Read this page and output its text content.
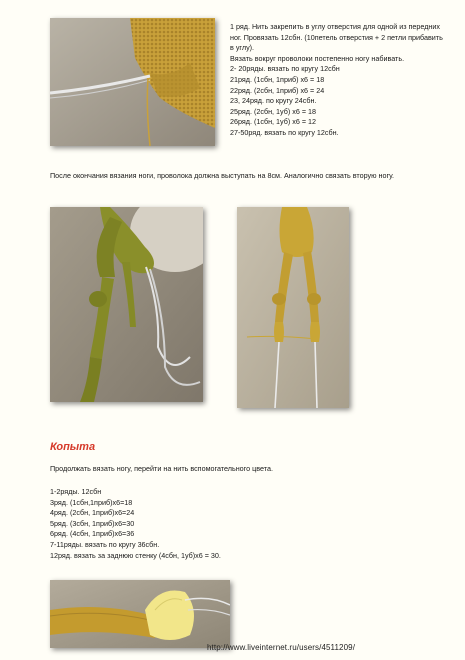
1 ряд. Нить закрепить в углу отверстия для одной из передних ног. Провязать 12сбн. (10петель отверстия + 2 петли прибавить в углу).
Вязать вокруг проволоки постепенно ногу набивать.
2- 20ряды. вязать по кругу 12сбн
21ряд. (1сбн, 1приб) х6 = 18
22ряд. (2сбн, 1приб) х6 = 24
23, 24ряд. по кругу 24сбн.
25ряд. (2сбн, 1уб) х6 = 18
26ряд. (1сбн, 1уб) х6 = 12
27-50ряд. вязать по кругу 12сбн.
После окончания вязания ноги, проволока должна выступать на 8см. Аналогично связать вторую ногу.
Копыта
Продолжать вязать ногу, перейти на нить вспомогательного цвета.
1-2ряды. 12сбн
3ряд. (1сбн,1приб)х6=18
4ряд. (2сбн, 1приб)х6=24
5ряд. (3сбн, 1приб)х6=30
6ряд. (4сбн, 1приб)х6=36
7-11ряды. вязать по кругу 36сбн.
12ряд. вязать за заднюю стенку (4сбн, 1уб)х6 = 30.
http://www.liveinternet.ru/users/4511209/
